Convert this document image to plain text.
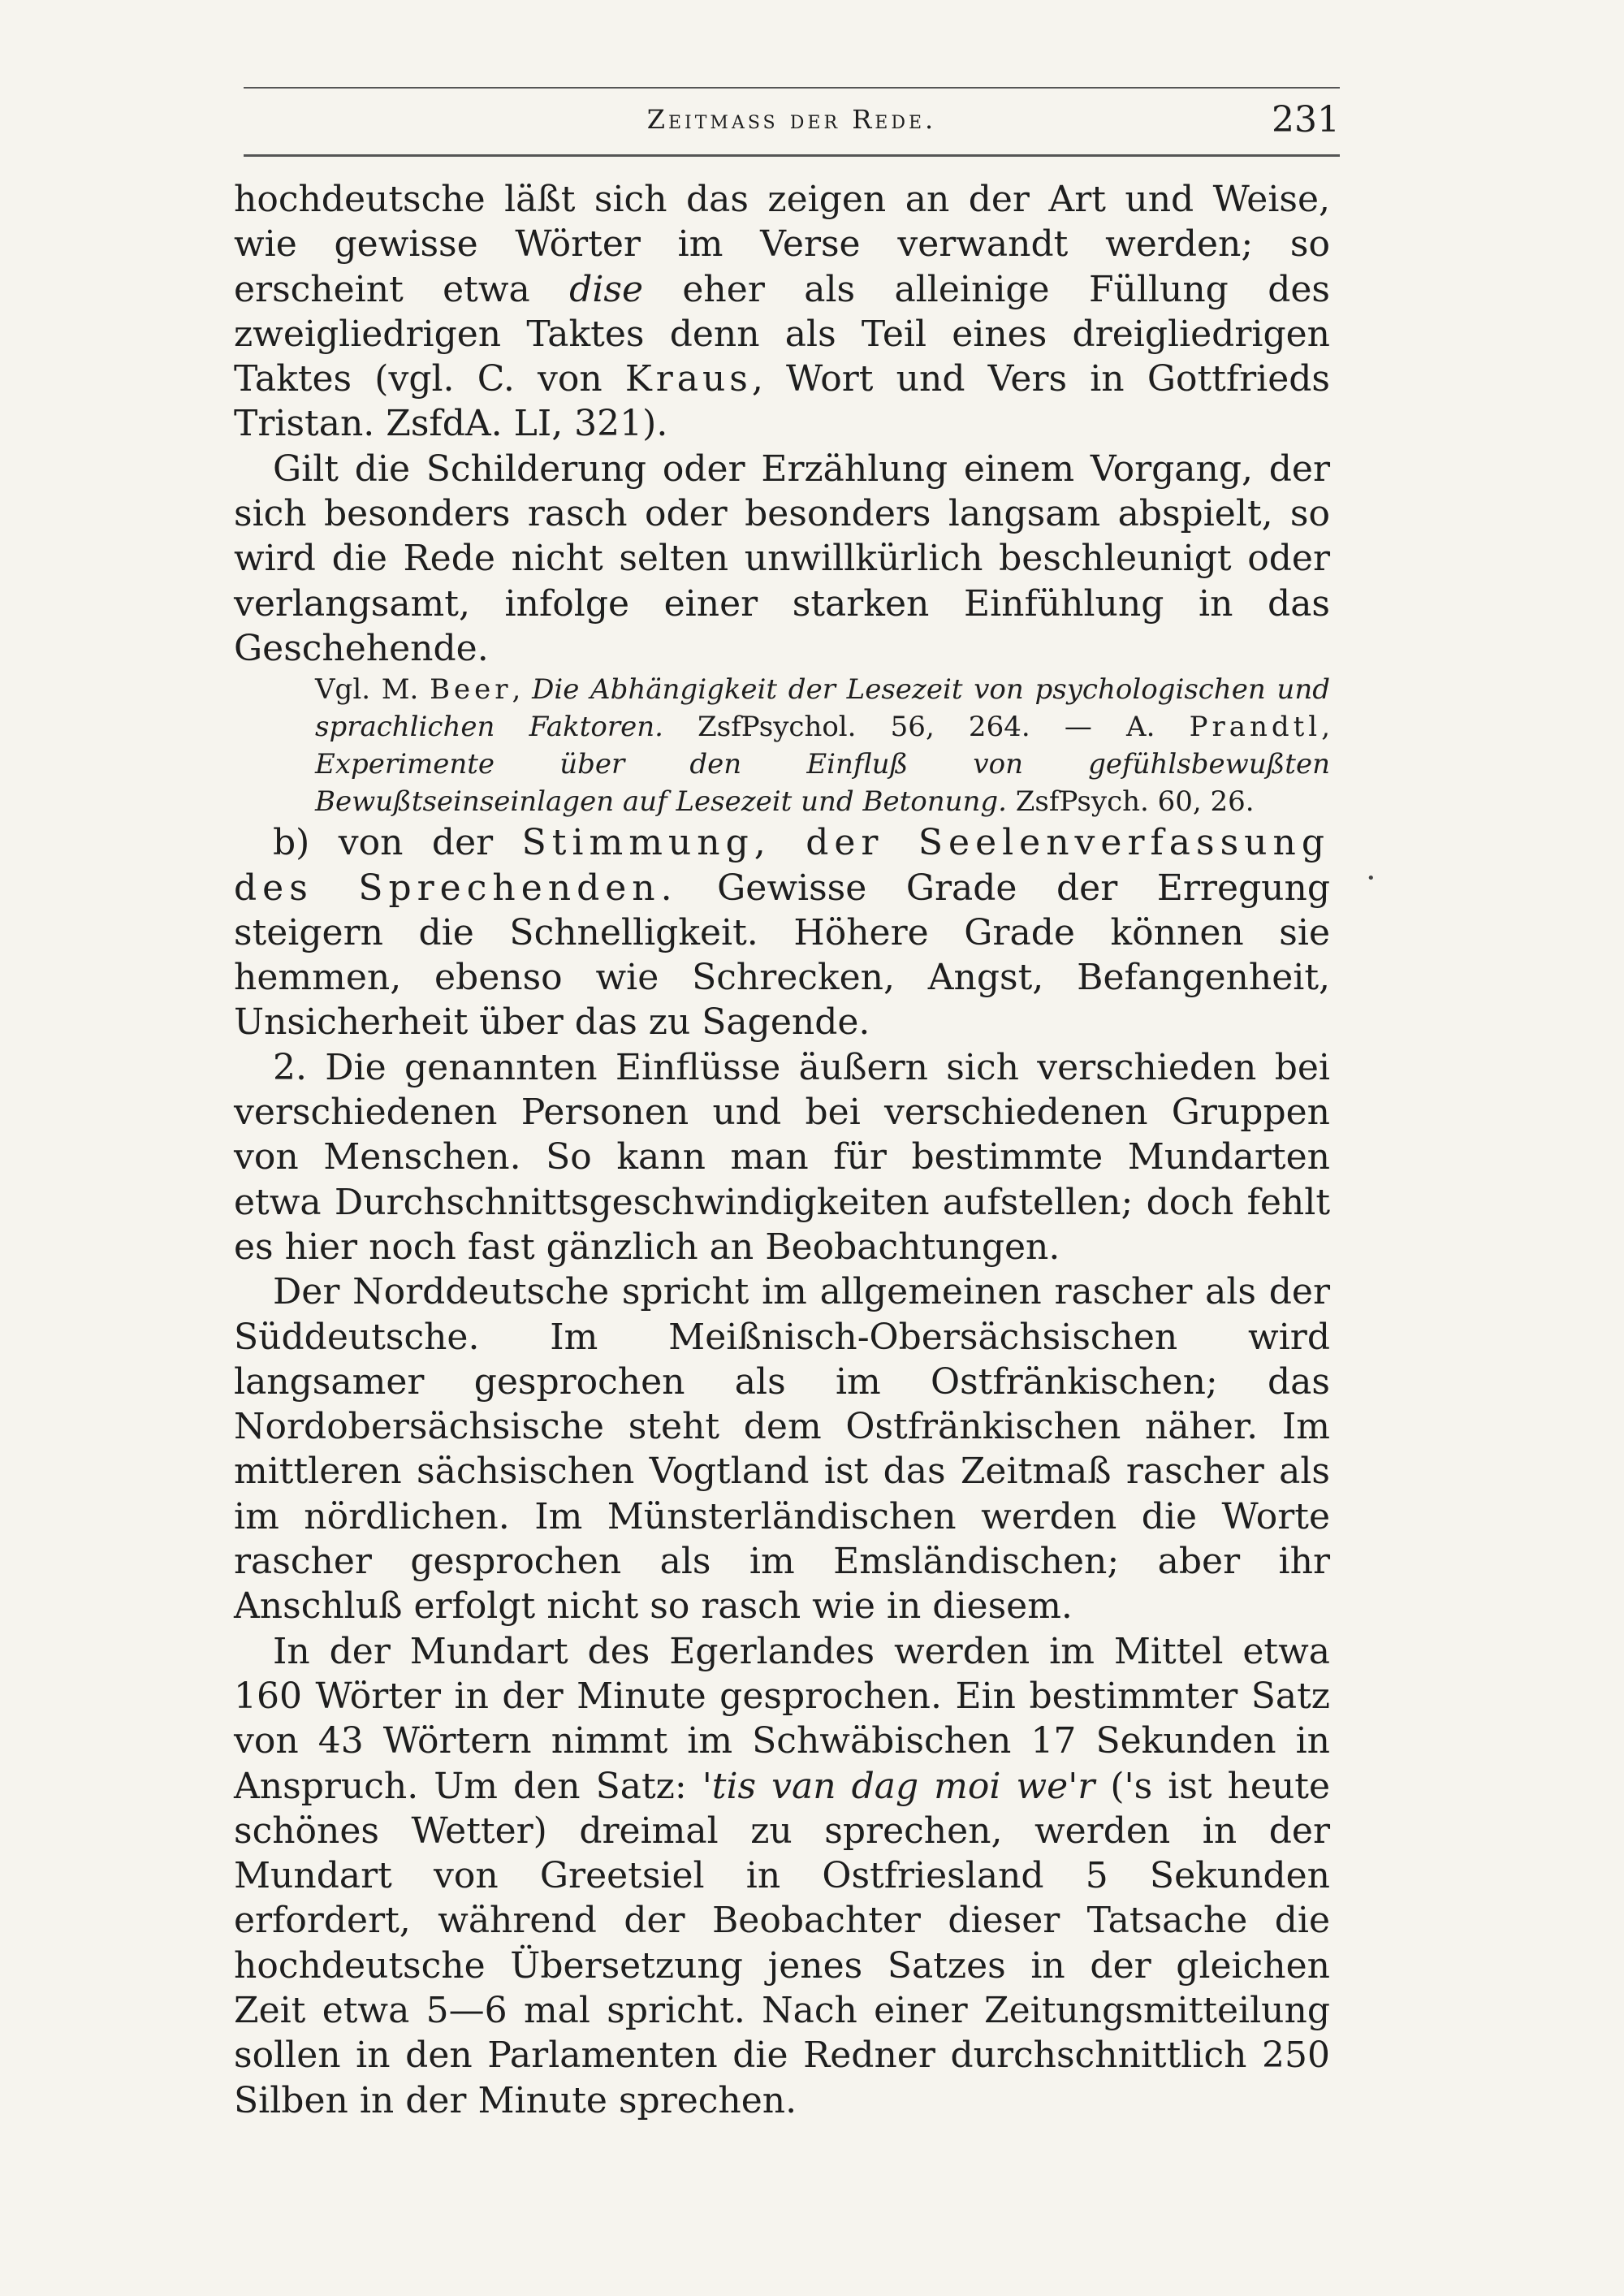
Zeitmass der Rede.	231

hochdeutsche läßt sich das zeigen an der Art und Weise, wie gewisse Wörter im Verse verwandt werden; so erscheint etwa dise eher als alleinige Füllung des zweigliedrigen Taktes denn als Teil eines dreigliedrigen Taktes (vgl. C. von Kraus, Wort und Vers in Gottfrieds Tristan. ZsfdA. LI, 321).

Gilt die Schilderung oder Erzählung einem Vorgang, der sich besonders rasch oder besonders langsam abspielt, so wird die Rede nicht selten unwillkürlich beschleunigt oder verlangsamt, infolge einer starken Einfühlung in das Geschehende.

Vgl. M. Beer, Die Abhängigkeit der Lesezeit von psychologischen und sprachlichen Faktoren. ZsfPsychol. 56, 264. — A. Prandtl, Experimente über den Einfluß von gefühlsbewußten Bewußtseinseinlagen auf Lesezeit und Betonung. ZsfPsych. 60, 26.

b) von der Stimmung, der Seelenverfassung des Sprechenden. Gewisse Grade der Erregung steigern die Schnelligkeit. Höhere Grade können sie hemmen, ebenso wie Schrecken, Angst, Befangenheit, Unsicherheit über das zu Sagende.

2. Die genannten Einflüsse äußern sich verschieden bei verschiedenen Personen und bei verschiedenen Gruppen von Menschen. So kann man für bestimmte Mundarten etwa Durchschnittsgeschwindigkeiten aufstellen; doch fehlt es hier noch fast gänzlich an Beobachtungen.

Der Norddeutsche spricht im allgemeinen rascher als der Süddeutsche. Im Meißnisch-Obersächsischen wird langsamer gesprochen als im Ostfränkischen; das Nordobersächsische steht dem Ostfränkischen näher. Im mittleren sächsischen Vogtland ist das Zeitmaß rascher als im nördlichen. Im Münsterländischen werden die Worte rascher gesprochen als im Emsländischen; aber ihr Anschluß erfolgt nicht so rasch wie in diesem.

In der Mundart des Egerlandes werden im Mittel etwa 160 Wörter in der Minute gesprochen. Ein bestimmter Satz von 43 Wörtern nimmt im Schwäbischen 17 Sekunden in Anspruch. Um den Satz: 'tis van dag moi we'r ('s ist heute schönes Wetter) dreimal zu sprechen, werden in der Mundart von Greetsiel in Ostfriesland 5 Sekunden erfordert, während der Beobachter dieser Tatsache die hochdeutsche Übersetzung jenes Satzes in der gleichen Zeit etwa 5—6 mal spricht. Nach einer Zeitungsmitteilung sollen in den Parlamenten die Redner durchschnittlich 250 Silben in der Minute sprechen.

•
